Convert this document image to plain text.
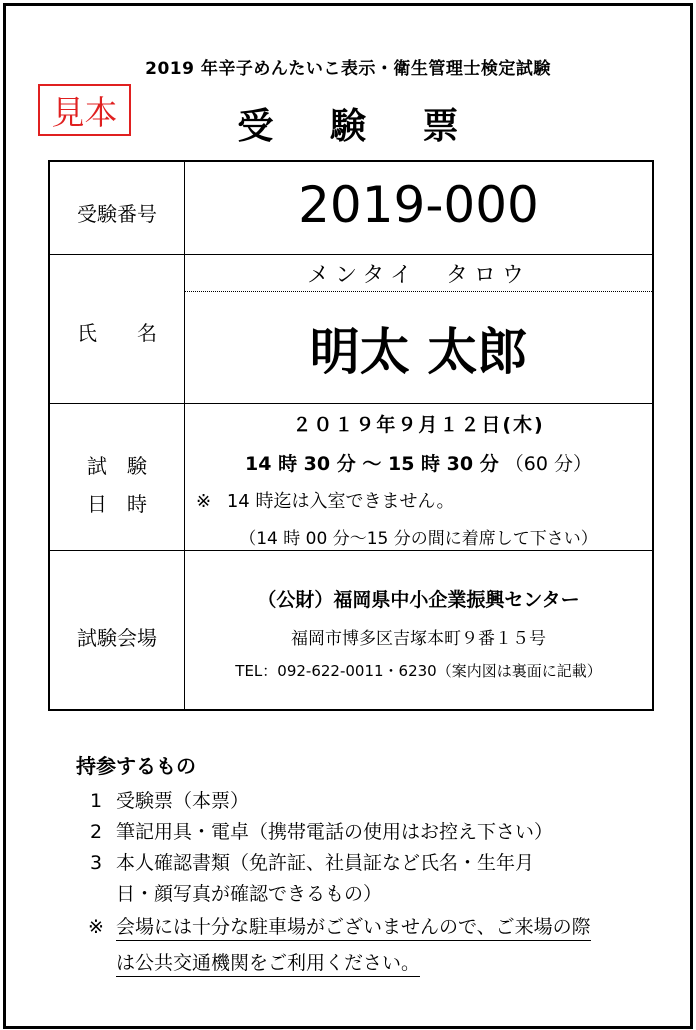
2019 年辛子めんたいこ表示・衛生管理士検定試験
見本	受 験 票
受験番号	2019-000
氏 名
メンタイ　タロウ
明太 太郎
試　験
日　時
２０１９年９月１２日(木)
14 時 30 分 ～ 15 時 30 分 （60 分）
※ 14 時迄は入室できません。
（14 時 00 分～15 分の間に着席して下さい）
試験会場
（公財）福岡県中小企業振興センター
福岡市博多区吉塚本町９番１５号
TEL：092-622-0011・6230（案内図は裏面に記載）
持参するもの
1 受験票（本票）
2 筆記用具・電卓（携帯電話の使用はお控え下さい）
3 本人確認書類（免許証、社員証など氏名・生年月
日・顔写真が確認できるもの）
※ 会場には十分な駐車場がございませんので、ご来場の際
は公共交通機関をご利用ください。
